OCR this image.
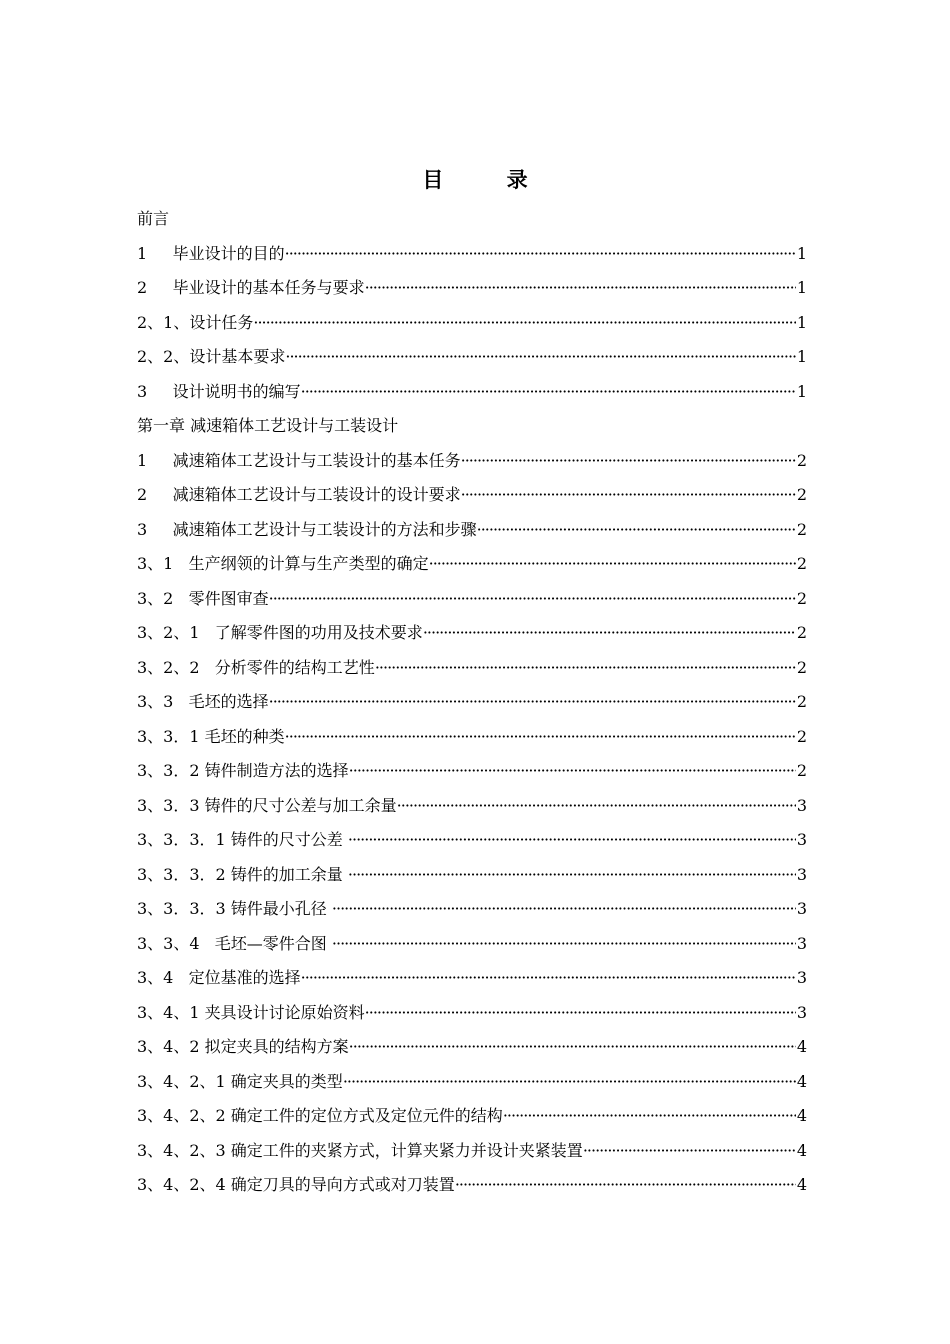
目 录
前言
1     毕业设计的目的 ·····	1
2     毕业设计的基本任务与要求 ·····	1
2、1、设计任务 ·····	1
2、2、设计基本要求 ·····	1
3     设计说明书的编写 ·····	1
第一章 减速箱体工艺设计与工装设计
1     减速箱体工艺设计与工装设计的基本任务 ·····	2
2     减速箱体工艺设计与工装设计的设计要求 ·····	2
3     减速箱体工艺设计与工装设计的方法和步骤 ·····	2
3、1   生产纲领的计算与生产类型的确定 ·····	2
3、2   零件图审查 ·····	2
3、2、1   了解零件图的功用及技术要求 ·····	2
3、2、2   分析零件的结构工艺性 ·····	2
3、3   毛坯的选择 ·····	2
3、3．1 毛坯的种类 ·····	2
3、3．2 铸件制造方法的选择 ·····	2
3、3．3 铸件的尺寸公差与加工余量 ·····	3
3、3．3．1 铸件的尺寸公差 ·····	3
3、3．3．2 铸件的加工余量 ·····	3
3、3．3．3 铸件最小孔径 ·····	3
3、3、4   毛坯—零件合图 ·····	3
3、4   定位基准的选择 ·····	3
3、4、1 夹具设计讨论原始资料 ·····	3
3、4、2 拟定夹具的结构方案 ·····	4
3、4、2、1 确定夹具的类型 ·····	4
3、4、2、2 确定工件的定位方式及定位元件的结构 ·····	4
3、4、2、3 确定工件的夹紧方式，计算夹紧力并设计夹紧装置 ·····	4
3、4、2、4 确定刀具的导向方式或对刀装置 ·····	4
